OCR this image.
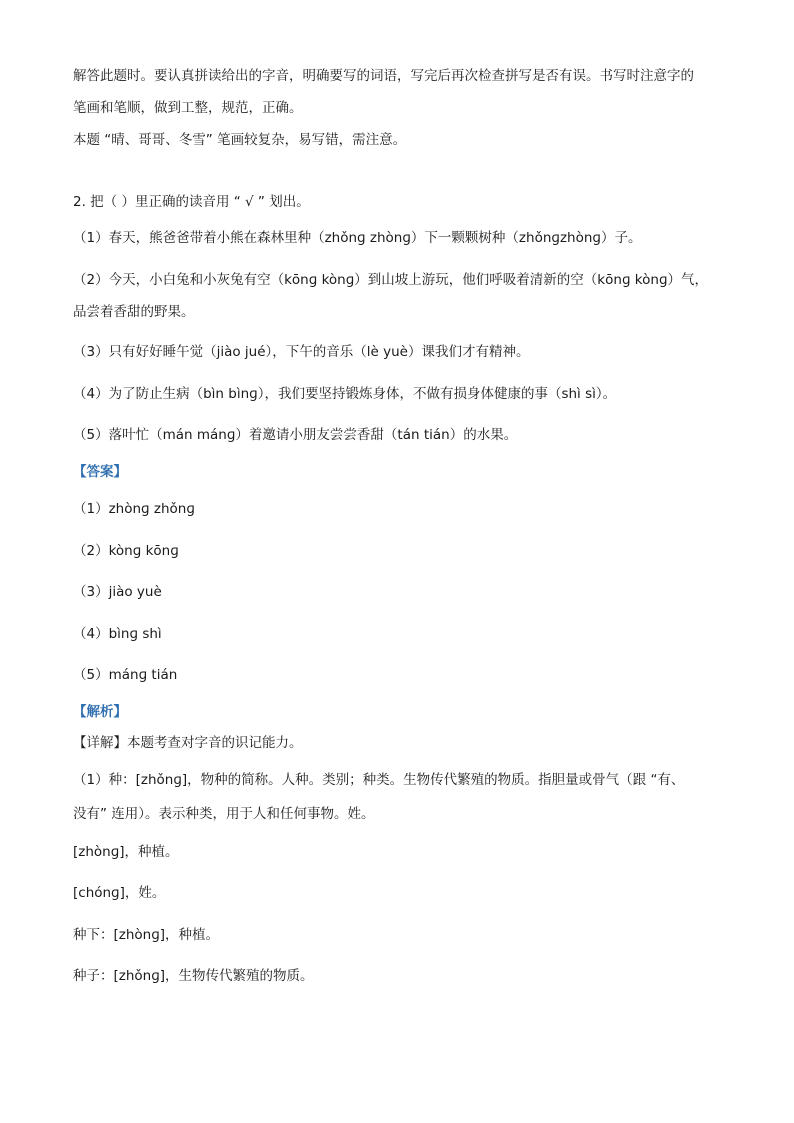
解答此题时。要认真拼读给出的字音，明确要写的词语，写完后再次检查拼写是否有误。书写时注意字的
笔画和笔顺，做到工整，规范，正确。
本题 “晴、哥哥、冬雪” 笔画较复杂，易写错，需注意。
2. 把（ ）里正确的读音用 “ √ ” 划出。
（1）春天，熊爸爸带着小熊在森林里种（zhǒnɡ zhònɡ）下一颗颗树种（zhǒnɡzhònɡ）子。
（2）今天，小白兔和小灰兔有空（kōnɡ kònɡ）到山坡上游玩，他们呼吸着清新的空（kōnɡ kònɡ）气，
品尝着香甜的野果。
（3）只有好好睡午觉（jiào jué），下午的音乐（lè yuè）课我们才有精神。
（4）为了防止生病（bìn bìnɡ），我们要坚持锻炼身体，不做有损身体健康的事（shì sì）。
（5）落叶忙（mán mánɡ）着邀请小朋友尝尝香甜（tán tián）的水果。
【答案】
（1）zhònɡ zhǒnɡ
（2）kònɡ kōnɡ
（3）jiào yuè
（4）bìnɡ shì
（5）mánɡ tián
【解析】
【详解】本题考查对字音的识记能力。
（1）种：[zhǒnɡ]，物种的简称。人种。类别；种类。生物传代繁殖的物质。指胆量或骨气（跟 “有、
没有” 连用）。表示种类，用于人和任何事物。姓。
[zhònɡ]，种植。
[chónɡ]，姓。
种下：[zhònɡ]，种植。
种子：[zhǒnɡ]，生物传代繁殖的物质。
